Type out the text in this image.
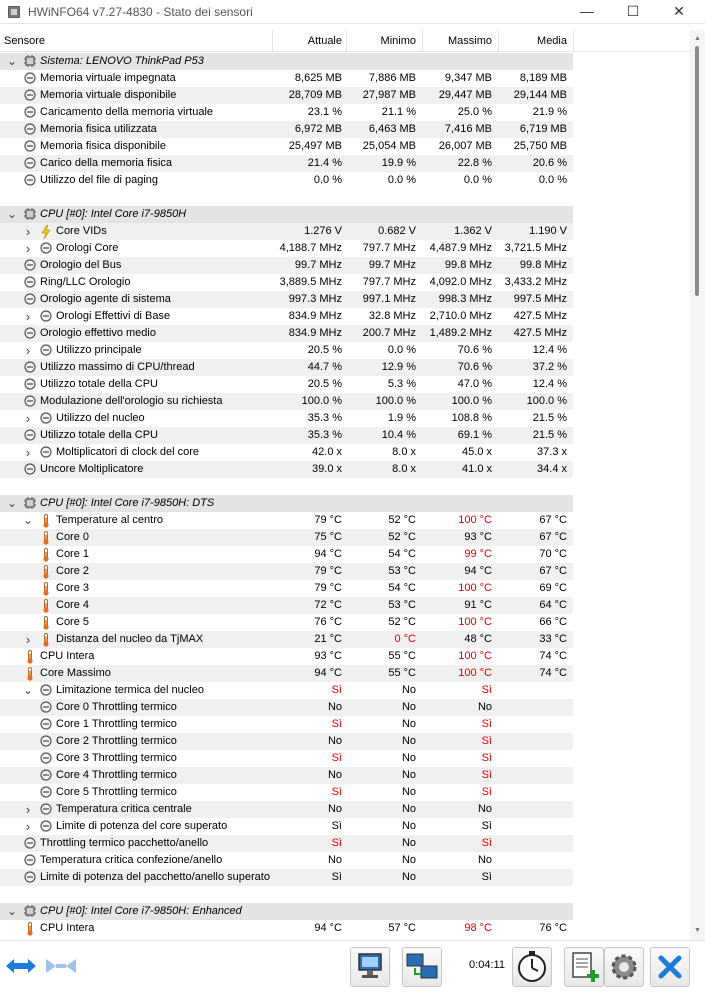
HWiNFO64 v7.27-4830 - Stato dei sensori	—	☐	✕
Sensore	Attuale	Minimo	Massimo	Media
⌄ Sistema: LENOVO ThinkPad P53
Memoria virtuale impegnata	8,625 MB	7,886 MB	9,347 MB	8,189 MB
Memoria virtuale disponibile	28,709 MB	27,987 MB	29,447 MB	29,144 MB
Caricamento della memoria virtuale	23.1 %	21.1 %	25.0 %	21.9 %
Memoria fisica utilizzata	6,972 MB	6,463 MB	7,416 MB	6,719 MB
Memoria fisica disponibile	25,497 MB	25,054 MB	26,007 MB	25,750 MB
Carico della memoria fisica	21.4 %	19.9 %	22.8 %	20.6 %
Utilizzo del file di paging	0.0 %	0.0 %	0.0 %	0.0 %
⌄ CPU [#0]: Intel Core i7-9850H
›	Core VIDs	1.276 V	0.682 V	1.362 V	1.190 V
›	Orologi Core	4,188.7 MHz	797.7 MHz	4,487.9 MHz	3,721.5 MHz
Orologio del Bus	99.7 MHz	99.7 MHz	99.8 MHz	99.8 MHz
Ring/LLC Orologio	3,889.5 MHz	797.7 MHz	4,092.0 MHz	3,433.2 MHz
Orologio agente di sistema	997.3 MHz	997.1 MHz	998.3 MHz	997.5 MHz
›	Orologi Effettivi di Base	834.9 MHz	32.8 MHz	2,710.0 MHz	427.5 MHz
Orologio effettivo medio	834.9 MHz	200.7 MHz	1,489.2 MHz	427.5 MHz
›	Utilizzo principale	20.5 %	0.0 %	70.6 %	12.4 %
Utilizzo massimo di CPU/thread	44.7 %	12.9 %	70.6 %	37.2 %
Utilizzo totale della CPU	20.5 %	5.3 %	47.0 %	12.4 %
Modulazione dell'orologio su richiesta	100.0 %	100.0 %	100.0 %	100.0 %
›	Utilizzo del nucleo	35.3 %	1.9 %	108.8 %	21.5 %
Utilizzo totale della CPU	35.3 %	10.4 %	69.1 %	21.5 %
›	Moltiplicatori di clock del core	42.0 x	8.0 x	45.0 x	37.3 x
Uncore Moltiplicatore	39.0 x	8.0 x	41.0 x	34.4 x
⌄ CPU [#0]: Intel Core i7-9850H: DTS
⌄ Temperature al centro	79 °C	52 °C	100 °C	67 °C
Core 0	75 °C	52 °C	93 °C	67 °C
Core 1	94 °C	54 °C	99 °C	70 °C
Core 2	79 °C	53 °C	94 °C	67 °C
Core 3	79 °C	54 °C	100 °C	69 °C
Core 4	72 °C	53 °C	91 °C	64 °C
Core 5	76 °C	52 °C	100 °C	66 °C
›	Distanza del nucleo da TjMAX	21 °C	0 °C	48 °C	33 °C
CPU Intera	93 °C	55 °C	100 °C	74 °C
Core Massimo	94 °C	55 °C	100 °C	74 °C
⌄ Limitazione termica del nucleo	Sì	No	Sì
Core 0 Throttling termico	No	No	No
Core 1 Throttling termico	Sì	No	Sì
Core 2 Throttling termico	No	No	Sì
Core 3 Throttling termico	Sì	No	Sì
Core 4 Throttling termico	No	No	Sì
Core 5 Throttling termico	Sì	No	Sì
›	Temperatura critica centrale	No	No	No
›	Limite di potenza del core superato	Sì	No	Sì
Throttling termico pacchetto/anello	Sì	No	Sì
Temperatura critica confezione/anello	No	No	No
Limite di potenza del pacchetto/anello superato	Sì	No	Sì
⌄ CPU [#0]: Intel Core i7-9850H: Enhanced
CPU Intera	94 °C	57 °C	98 °C	76 °C
▲
▼
0:04:11
